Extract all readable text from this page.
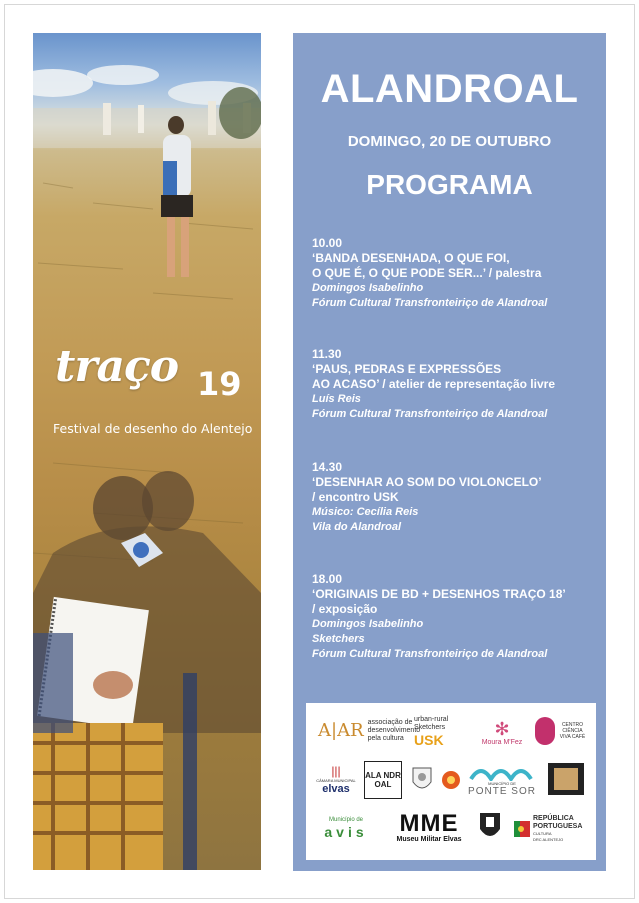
traço 19
Festival de desenho do Alentejo
ALANDROAL
DOMINGO, 20 DE OUTUBRO
PROGRAMA
10.00
‘BANDA DESENHADA, O QUE FOI,
O QUE É, O QUE PODE SER...’ / palestra
Domingos Isabelinho
Fórum Cultural Transfronteiriço de Alandroal
11.30
‘PAUS, PEDRAS E EXPRESSÕES
AO ACASO’ / atelier de representação livre
Luís Reis
Fórum Cultural Transfronteiriço de Alandroal
14.30
‘DESENHAR AO SOM DO VIOLONCELO’
/ encontro USK
Músico: Cecília Reis
Vila do Alandroal
18.00
‘ORIGINAIS DE BD + DESENHOS TRAÇO 18’
/ exposição
Domingos Isabelinho
Sketchers
Fórum Cultural Transfronteiriço de Alandroal
A|AR associação de desenvolvimento pela cultura
urban-rural
Sketchers
USK
✻
Moura M'Fez
CENTRO CIÊNCIA VIVA CAFÉ
|||
CÂMARA MUNICIPAL
elvas
ALA NDR OAL	MUNICÍPIO DE
PONTE SOR
Município de
avis MME
Museu Militar Elvas
REPÚBLICA
PORTUGUESA
CULTURA
DRC ALENTEJO
